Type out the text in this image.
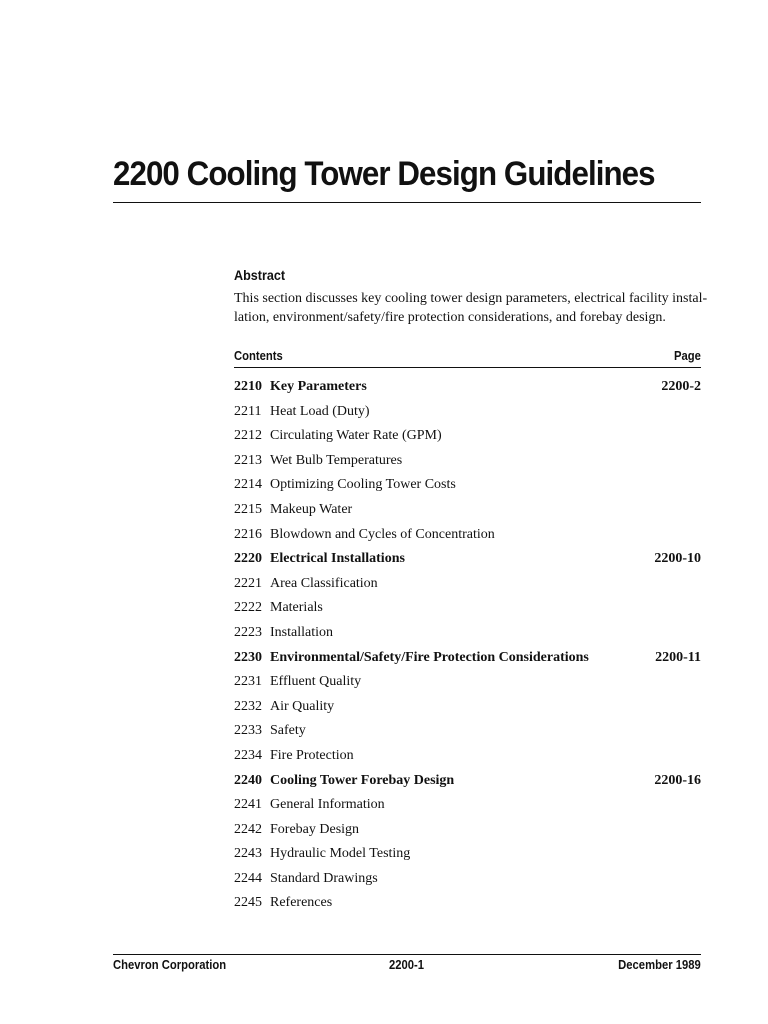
2200 Cooling Tower Design Guidelines
Abstract
This section discusses key cooling tower design parameters, electrical facility instal-
lation, environment/safety/fire protection considerations, and forebay design.
Contents	Page
2210 Key Parameters	2200-2
2211 Heat Load (Duty)
2212 Circulating Water Rate (GPM)
2213 Wet Bulb Temperatures
2214 Optimizing Cooling Tower Costs
2215 Makeup Water
2216 Blowdown and Cycles of Concentration
2220 Electrical Installations	2200-10
2221 Area Classification
2222 Materials
2223 Installation
2230 Environmental/Safety/Fire Protection Considerations	2200-11
2231 Effluent Quality
2232 Air Quality
2233 Safety
2234 Fire Protection
2240 Cooling Tower Forebay Design	2200-16
2241 General Information
2242 Forebay Design
2243 Hydraulic Model Testing
2244 Standard Drawings
2245 References
Chevron Corporation	2200-1	December 1989
